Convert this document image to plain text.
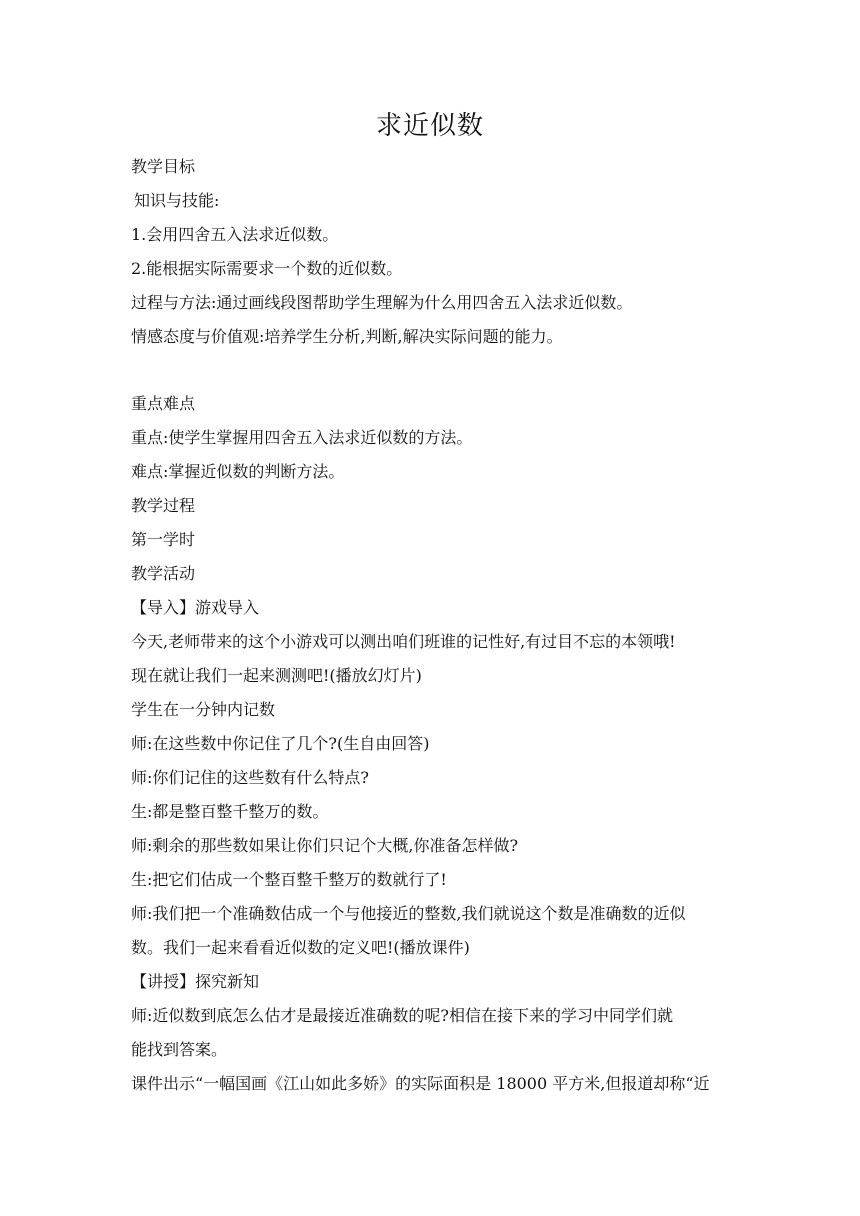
求近似数
教学目标
知识与技能:
1.会用四舍五入法求近似数。
2.能根据实际需要求一个数的近似数。
过程与方法:通过画线段图帮助学生理解为什么用四舍五入法求近似数。
情感态度与价值观:培养学生分析,判断,解决实际问题的能力。
重点难点
重点:使学生掌握用四舍五入法求近似数的方法。
难点:掌握近似数的判断方法。
教学过程
第一学时
教学活动
【导入】游戏导入
今天,老师带来的这个小游戏可以测出咱们班谁的记性好,有过目不忘的本领哦!
现在就让我们一起来测测吧!(播放幻灯片)
学生在一分钟内记数
师:在这些数中你记住了几个?(生自由回答)
师:你们记住的这些数有什么特点?
生:都是整百整千整万的数。
师:剩余的那些数如果让你们只记个大概,你准备怎样做?
生:把它们估成一个整百整千整万的数就行了!
师:我们把一个准确数估成一个与他接近的整数,我们就说这个数是准确数的近似
数。我们一起来看看近似数的定义吧!(播放课件)
【讲授】探究新知
师:近似数到底怎么估才是最接近准确数的呢?相信在接下来的学习中同学们就
能找到答案。
课件出示“一幅国画《江山如此多娇》的实际面积是 18000 平方米,但报道却称“近
